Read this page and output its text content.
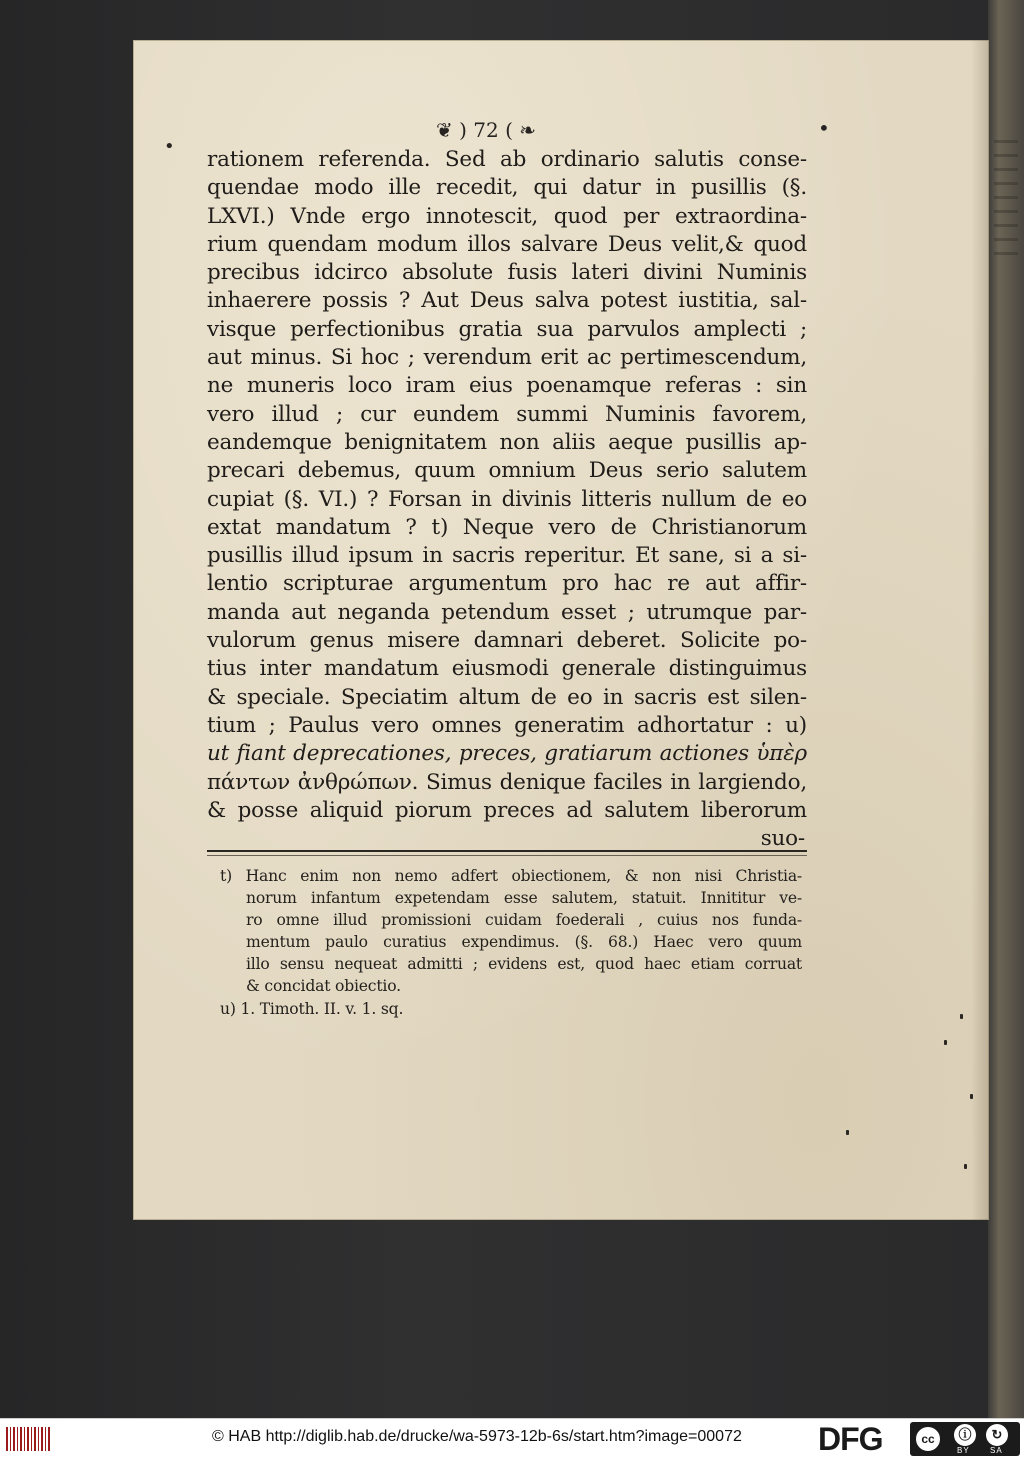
❦ ) 72 ( ❧	•
•
rationem referenda. Sed ab ordinario salutis conse-
quendae modo ille recedit, qui datur in pusillis (§.
LXVI.) Vnde ergo innotescit, quod per extraordina-
rium quendam modum illos salvare Deus velit,& quod
precibus idcirco absolute fusis lateri divini Numinis
inhaerere possis ? Aut Deus salva potest iustitia, sal-
visque perfectionibus gratia sua parvulos amplecti ;
aut minus. Si hoc ; verendum erit ac pertimescendum,
ne muneris loco iram eius poenamque referas : sin
vero illud ; cur eundem summi Numinis favorem,
eandemque benignitatem non aliis aeque pusillis ap-
precari debemus, quum omnium Deus serio salutem
cupiat (§. VI.) ? Forsan in divinis litteris nullum de eo
extat mandatum ? t) Neque vero de Christianorum
pusillis illud ipsum in sacris reperitur. Et sane, si a si-
lentio scripturae argumentum pro hac re aut affir-
manda aut neganda petendum esset ; utrumque par-
vulorum genus misere damnari deberet. Solicite po-
tius inter mandatum eiusmodi generale distinguimus
& speciale. Speciatim altum de eo in sacris est silen-
tium ; Paulus vero omnes generatim adhortatur : u)
ut fiant deprecationes, preces, gratiarum actiones ὑπὲρ
πάντων ἀνθρώπων. Simus denique faciles in largiendo,
& posse aliquid piorum preces ad salutem liberorum
suo-
t) Hanc enim non nemo adfert obiectionem, & non nisi Christia-
norum infantum expetendam esse salutem, statuit. Innititur ve-
ro omne illud promissioni cuidam foederali , cuius nos funda-
mentum paulo curatius expendimus. (§. 68.) Haec vero quum
illo sensu nequeat admitti ; evidens est, quod haec etiam corruat
& concidat obiectio.
u) 1. Timoth. II. v. 1. sq.
© HAB http://diglib.hab.de/drucke/wa-5973-12b-6s/start.htm?image=00072 DFG	cc	ⓘ	↻
BY	SA
